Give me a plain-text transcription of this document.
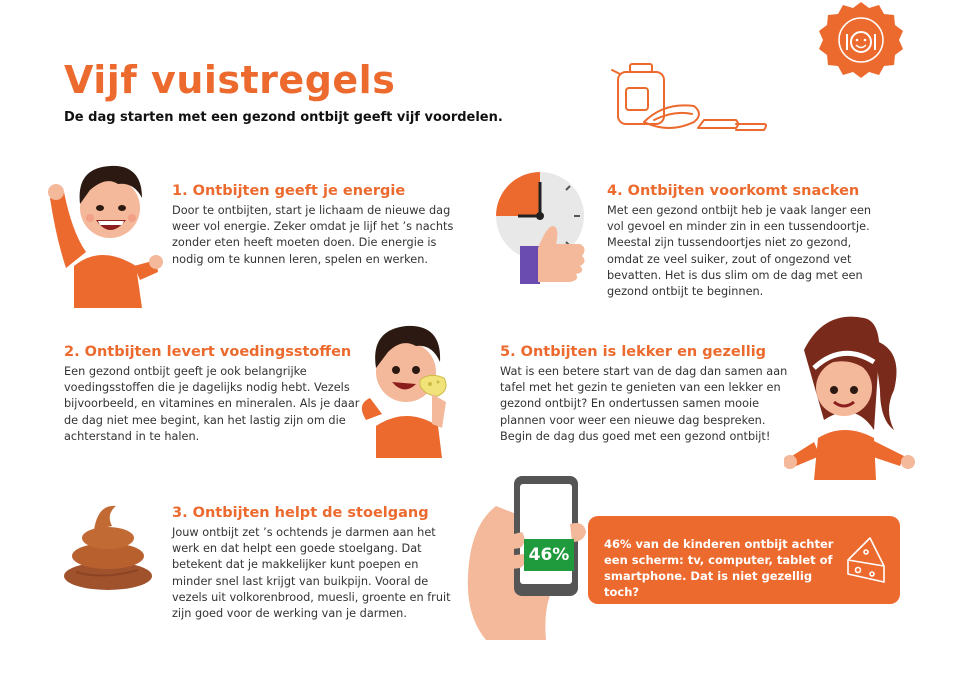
Vijf vuistregels
De dag starten met een gezond ontbijt geeft vijf voordelen.
1. Ontbijten geeft je energie

Door te ontbijten, start je lichaam de nieuwe dag weer vol energie. Zeker omdat je lijf het ’s nachts zonder eten heeft moeten doen. Die energie is nodig om te kunnen leren, spelen en werken.

4. Ontbijten voorkomt snacken

Met een gezond ontbijt heb je vaak langer een vol gevoel en minder zin in een tussendoortje. Meestal zijn tussendoortjes niet zo gezond, omdat ze veel suiker, zout of ongezond vet bevatten. Het is dus slim om de dag met een gezond ontbijt te beginnen.

2. Ontbijten levert voedingsstoffen

Een gezond ontbijt geeft je ook belangrijke voedingsstoffen die je dagelijks nodig hebt. Vezels bijvoorbeeld, en vitamines en mineralen. Als je daar de dag niet mee begint, kan het lastig zijn om die achterstand in te halen.

5. Ontbijten is lekker en gezellig

Wat is een betere start van de dag dan samen aan tafel met het gezin te genieten van een lekker en gezond ontbijt? En ondertussen samen mooie plannen voor weer een nieuwe dag bespreken. Begin de dag dus goed met een gezond ontbijt!

3. Ontbijten helpt de stoelgang

Jouw ontbijt zet ’s ochtends je darmen aan het werk en dat helpt een goede stoelgang. Dat betekent dat je makkelijker kunt poepen en minder snel last krijgt van buikpijn. Vooral de vezels uit volkorenbrood, muesli, groente en fruit zijn goed voor de werking van je darmen.

46% van de kinderen ontbijt achter een scherm: tv, computer, tablet of smartphone. Dat is niet gezellig toch?

46%
